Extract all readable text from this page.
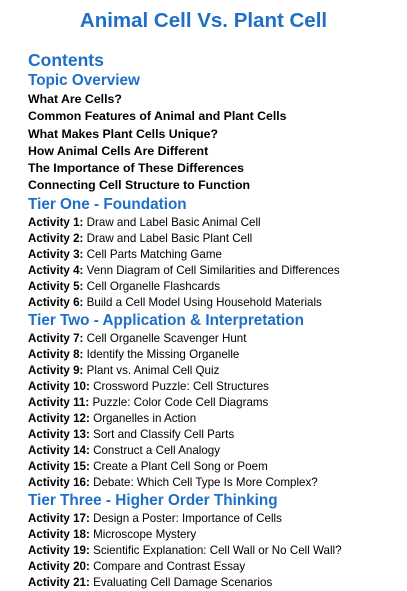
Animal Cell Vs. Plant Cell
Contents
Topic Overview
What Are Cells?
Common Features of Animal and Plant Cells
What Makes Plant Cells Unique?
How Animal Cells Are Different
The Importance of These Differences
Connecting Cell Structure to Function
Tier One - Foundation
Activity 1: Draw and Label Basic Animal Cell
Activity 2: Draw and Label Basic Plant Cell
Activity 3: Cell Parts Matching Game
Activity 4: Venn Diagram of Cell Similarities and Differences
Activity 5: Cell Organelle Flashcards
Activity 6: Build a Cell Model Using Household Materials
Tier Two - Application & Interpretation
Activity 7: Cell Organelle Scavenger Hunt
Activity 8: Identify the Missing Organelle
Activity 9: Plant vs. Animal Cell Quiz
Activity 10: Crossword Puzzle: Cell Structures
Activity 11: Puzzle: Color Code Cell Diagrams
Activity 12: Organelles in Action
Activity 13: Sort and Classify Cell Parts
Activity 14: Construct a Cell Analogy
Activity 15: Create a Plant Cell Song or Poem
Activity 16: Debate: Which Cell Type Is More Complex?
Tier Three - Higher Order Thinking
Activity 17: Design a Poster: Importance of Cells
Activity 18: Microscope Mystery
Activity 19: Scientific Explanation: Cell Wall or No Cell Wall?
Activity 20: Compare and Contrast Essay
Activity 21: Evaluating Cell Damage Scenarios
